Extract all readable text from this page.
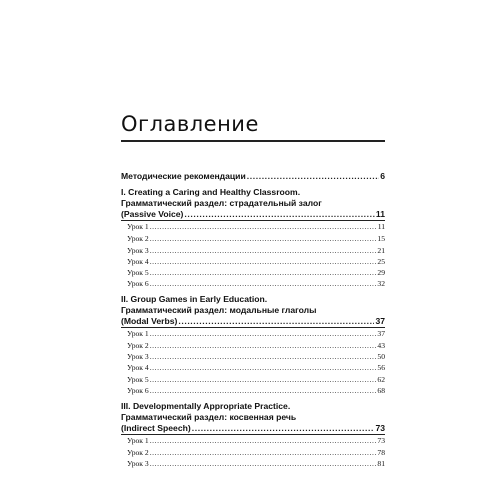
Оглавление
Методические рекомендации .....	6
I. Creating a Caring and Healthy Classroom.
Грамматический раздел: страдательный залог
(Passive Voice) .....	11
Урок 1 .....	11
Урок 2 .....	15
Урок 3 .....	21
Урок 4 .....	25
Урок 5 .....	29
Урок 6 .....	32
II. Group Games in Early Education.
Грамматический раздел: модальные глаголы
(Modal Verbs) .....	37
Урок 1 .....	37
Урок 2 .....	43
Урок 3 .....	50
Урок 4 .....	56
Урок 5 .....	62
Урок 6 .....	68
III. Developmentally Appropriate Practice.
Грамматический раздел: косвенная речь
(Indirect Speech) .....	73
Урок 1 .....	73
Урок 2 .....	78
Урок 3 .....	81
